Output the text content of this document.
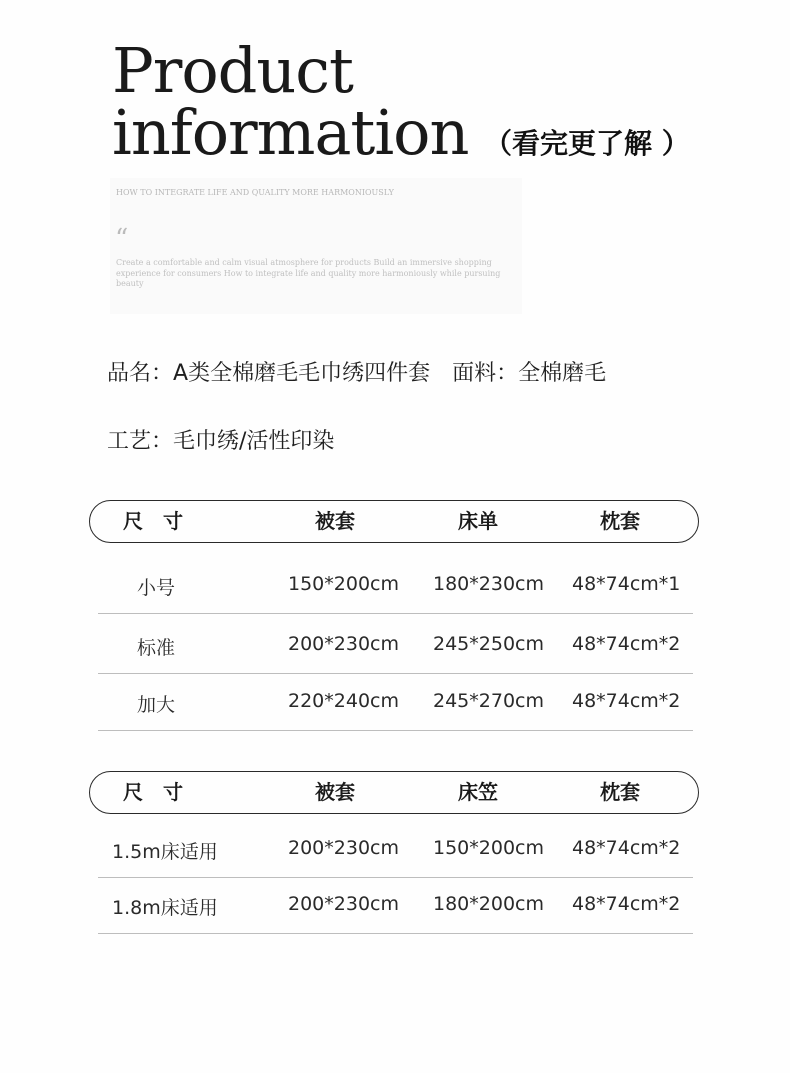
Product
information （看完更了解 ）
HOW TO INTEGRATE LIFE AND QUALITY MORE HARMONIOUSLY
“
Create a comfortable and calm visual atmosphere for products Build an immersive shopping experience for consumers How to integrate life and quality more harmoniously while pursuing beauty
品名：A类全棉磨毛毛巾绣四件套 面料：全棉磨毛
工艺：毛巾绣/活性印染
尺　寸	被套	床单	枕套
小号	150*200cm 180*230cm 48*74cm*1
标准	200*230cm 245*250cm 48*74cm*2
加大	220*240cm 245*270cm 48*74cm*2
尺　寸	被套	床笠	枕套
1.5m床适用	200*230cm 150*200cm 48*74cm*2
1.8m床适用	200*230cm 180*200cm 48*74cm*2
